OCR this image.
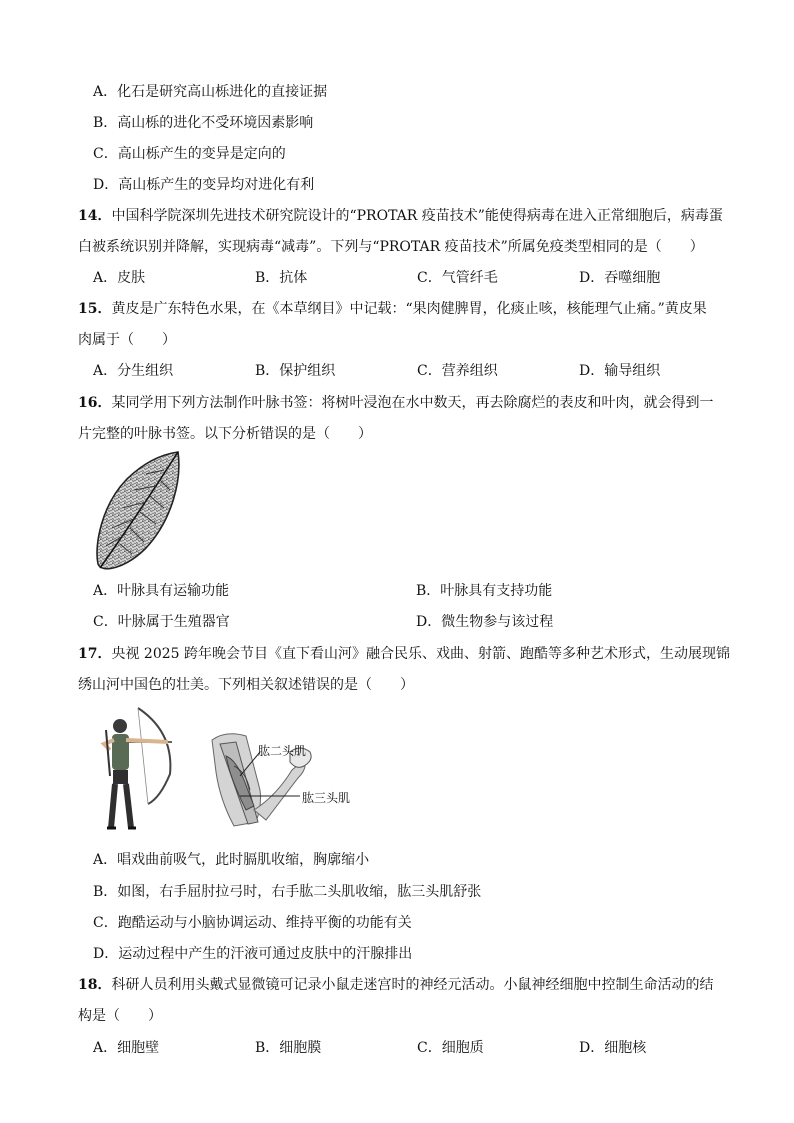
A．化石是研究高山栎进化的直接证据
B．高山栎的进化不受环境因素影响
C．高山栎产生的变异是定向的
D．高山栎产生的变异均对进化有利
14．中国科学院深圳先进技术研究院设计的“PROTAR 疫苗技术”能使得病毒在进入正常细胞后，病毒蛋
白被系统识别并降解，实现病毒“减毒”。下列与“PROTAR 疫苗技术”所属免疫类型相同的是（　　）
A．皮肤	B．抗体	C．气管纤毛	D．吞噬细胞
15．黄皮是广东特色水果，在《本草纲目》中记载：“果肉健脾胃，化痰止咳，核能理气止痛。”黄皮果
肉属于（　　）
A．分生组织	B．保护组织	C．营养组织	D．输导组织
16．某同学用下列方法制作叶脉书签：将树叶浸泡在水中数天，再去除腐烂的表皮和叶肉，就会得到一
片完整的叶脉书签。以下分析错误的是（　　）
A．叶脉具有运输功能	B．叶脉具有支持功能
C．叶脉属于生殖器官	D．微生物参与该过程
17．央视 2025 跨年晚会节目《直下看山河》融合民乐、戏曲、射箭、跑酷等多种艺术形式，生动展现锦
绣山河中国色的壮美。下列相关叙述错误的是（　　）
肱二头肌
肱三头肌
A．唱戏曲前吸气，此时膈肌收缩，胸廓缩小
B．如图，右手屈肘拉弓时，右手肱二头肌收缩，肱三头肌舒张
C．跑酷运动与小脑协调运动、维持平衡的功能有关
D．运动过程中产生的汗液可通过皮肤中的汗腺排出
18．科研人员利用头戴式显微镜可记录小鼠走迷宫时的神经元活动。小鼠神经细胞中控制生命活动的结
构是（　　）
A．细胞壁	B．细胞膜	C．细胞质	D．细胞核
